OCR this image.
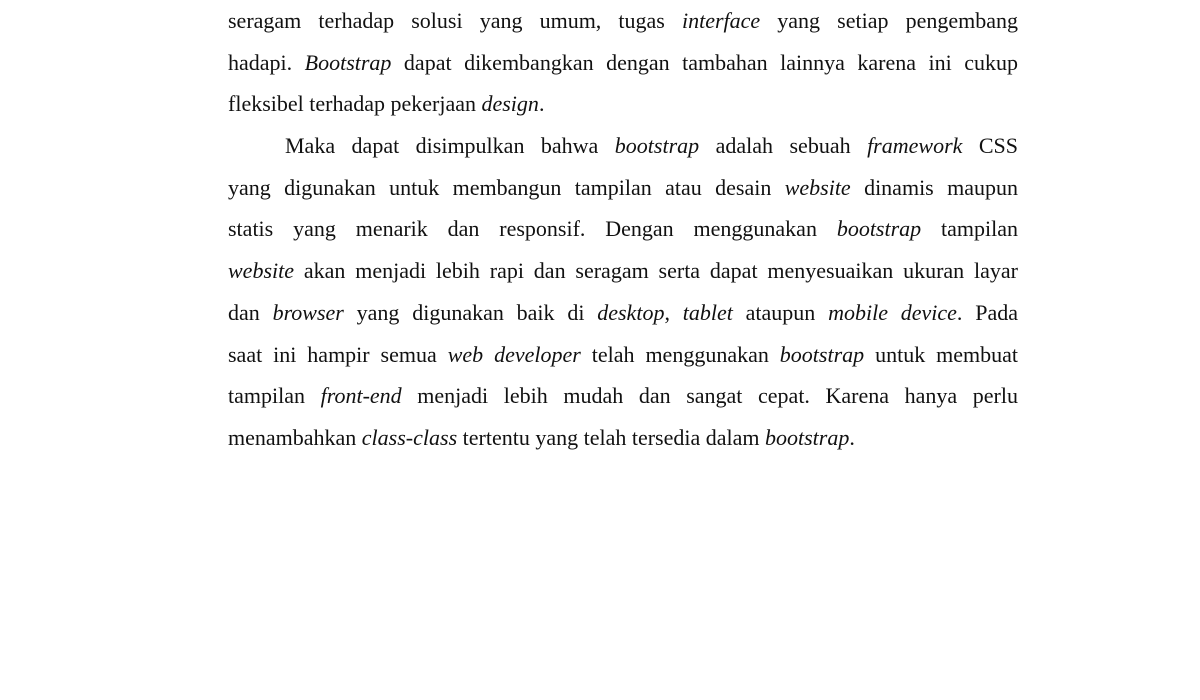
seragam terhadap solusi yang umum, tugas interface yang setiap pengembang
hadapi. Bootstrap dapat dikembangkan dengan tambahan lainnya karena ini cukup
fleksibel terhadap pekerjaan design.
Maka dapat disimpulkan bahwa bootstrap adalah sebuah framework CSS
yang digunakan untuk membangun tampilan atau desain website dinamis maupun
statis yang menarik dan responsif. Dengan menggunakan bootstrap tampilan
website akan menjadi lebih rapi dan seragam serta dapat menyesuaikan ukuran layar
dan browser yang digunakan baik di desktop, tablet ataupun mobile device. Pada
saat ini hampir semua web developer telah menggunakan bootstrap untuk membuat
tampilan front-end menjadi lebih mudah dan sangat cepat. Karena hanya perlu
menambahkan class-class tertentu yang telah tersedia dalam bootstrap.
